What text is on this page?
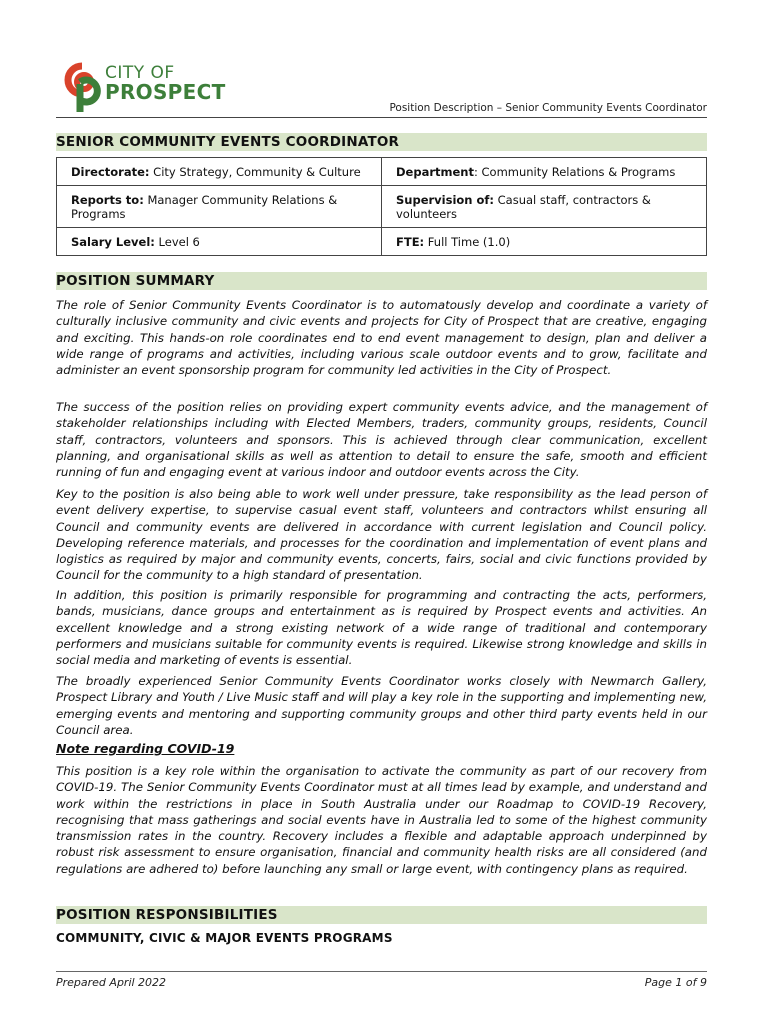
CITY OF
PROSPECT
Position Description – Senior Community Events Coordinator
SENIOR COMMUNITY EVENTS COORDINATOR
Directorate: City Strategy, Community & Culture	Department: Community Relations & Programs
Reports to: Manager Community Relations & Programs	Supervision of: Casual staff, contractors & volunteers
Salary Level: Level 6	FTE: Full Time (1.0)
POSITION SUMMARY

The role of Senior Community Events Coordinator is to automatously develop and coordinate a variety of culturally inclusive community and civic events and projects for City of Prospect that are creative, engaging and exciting. This hands-on role coordinates end to end event management to design, plan and deliver a wide range of programs and activities, including various scale outdoor events and to grow, facilitate and administer an event sponsorship program for community led activities in the City of Prospect.

The success of the position relies on providing expert community events advice, and the management of stakeholder relationships including with Elected Members, traders, community groups, residents, Council staff, contractors, volunteers and sponsors. This is achieved through clear communication, excellent planning, and organisational skills as well as attention to detail to ensure the safe, smooth and efficient running of fun and engaging event at various indoor and outdoor events across the City.

Key to the position is also being able to work well under pressure, take responsibility as the lead person of event delivery expertise, to supervise casual event staff, volunteers and contractors whilst ensuring all Council and community events are delivered in accordance with current legislation and Council policy. Developing reference materials, and processes for the coordination and implementation of event plans and logistics as required by major and community events, concerts, fairs, social and civic functions provided by Council for the community to a high standard of presentation.

In addition, this position is primarily responsible for programming and contracting the acts, performers, bands, musicians, dance groups and entertainment as is required by Prospect events and activities. An excellent knowledge and a strong existing network of a wide range of traditional and contemporary performers and musicians suitable for community events is required. Likewise strong knowledge and skills in social media and marketing of events is essential.

The broadly experienced Senior Community Events Coordinator works closely with Newmarch Gallery, Prospect Library and Youth / Live Music staff and will play a key role in the supporting and implementing new, emerging events and mentoring and supporting community groups and other third party events held in our Council area.

Note regarding COVID-19

This position is a key role within the organisation to activate the community as part of our recovery from COVID-19. The Senior Community Events Coordinator must at all times lead by example, and understand and work within the restrictions in place in South Australia under our Roadmap to COVID-19 Recovery, recognising that mass gatherings and social events have in Australia led to some of the highest community transmission rates in the country. Recovery includes a flexible and adaptable approach underpinned by robust risk assessment to ensure organisation, financial and community health risks are all considered (and regulations are adhered to) before launching any small or large event, with contingency plans as required.

POSITION RESPONSIBILITIES
COMMUNITY, CIVIC & MAJOR EVENTS PROGRAMS
Prepared April 2022	Page 1 of 9
